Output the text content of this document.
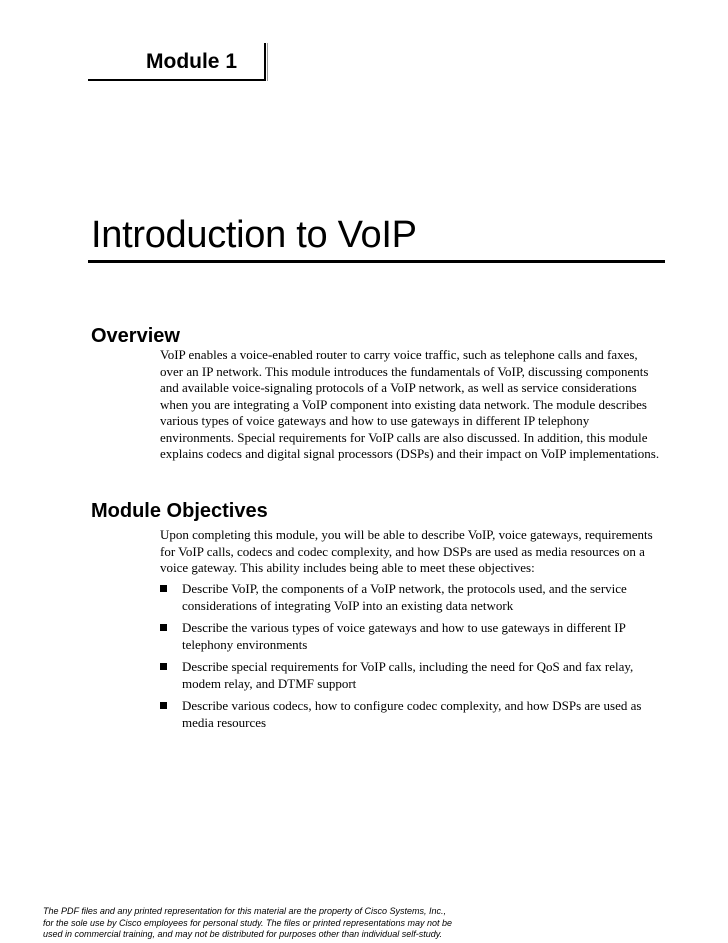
Module 1
Introduction to VoIP
Overview

VoIP enables a voice-enabled router to carry voice traffic, such as telephone calls and faxes, over an IP network. This module introduces the fundamentals of VoIP, discussing components and available voice-signaling protocols of a VoIP network, as well as service considerations when you are integrating a VoIP component into existing data network. The module describes various types of voice gateways and how to use gateways in different IP telephony environments. Special requirements for VoIP calls are also discussed. In addition, this module explains codecs and digital signal processors (DSPs) and their impact on VoIP implementations.

Module Objectives

Upon completing this module, you will be able to describe VoIP, voice gateways, requirements for VoIP calls, codecs and codec complexity, and how DSPs are used as media resources on a voice gateway. This ability includes being able to meet these objectives:

Describe VoIP, the components of a VoIP network, the protocols used, and the service considerations of integrating VoIP into an existing data network
Describe the various types of voice gateways and how to use gateways in different IP telephony environments
Describe special requirements for VoIP calls, including the need for QoS and fax relay, modem relay, and DTMF support
Describe various codecs, how to configure codec complexity, and how DSPs are used as media resources
The PDF files and any printed representation for this material are the property of Cisco Systems, Inc.,
for the sole use by Cisco employees for personal study. The files or printed representations may not be
used in commercial training, and may not be distributed for purposes other than individual self-study.
